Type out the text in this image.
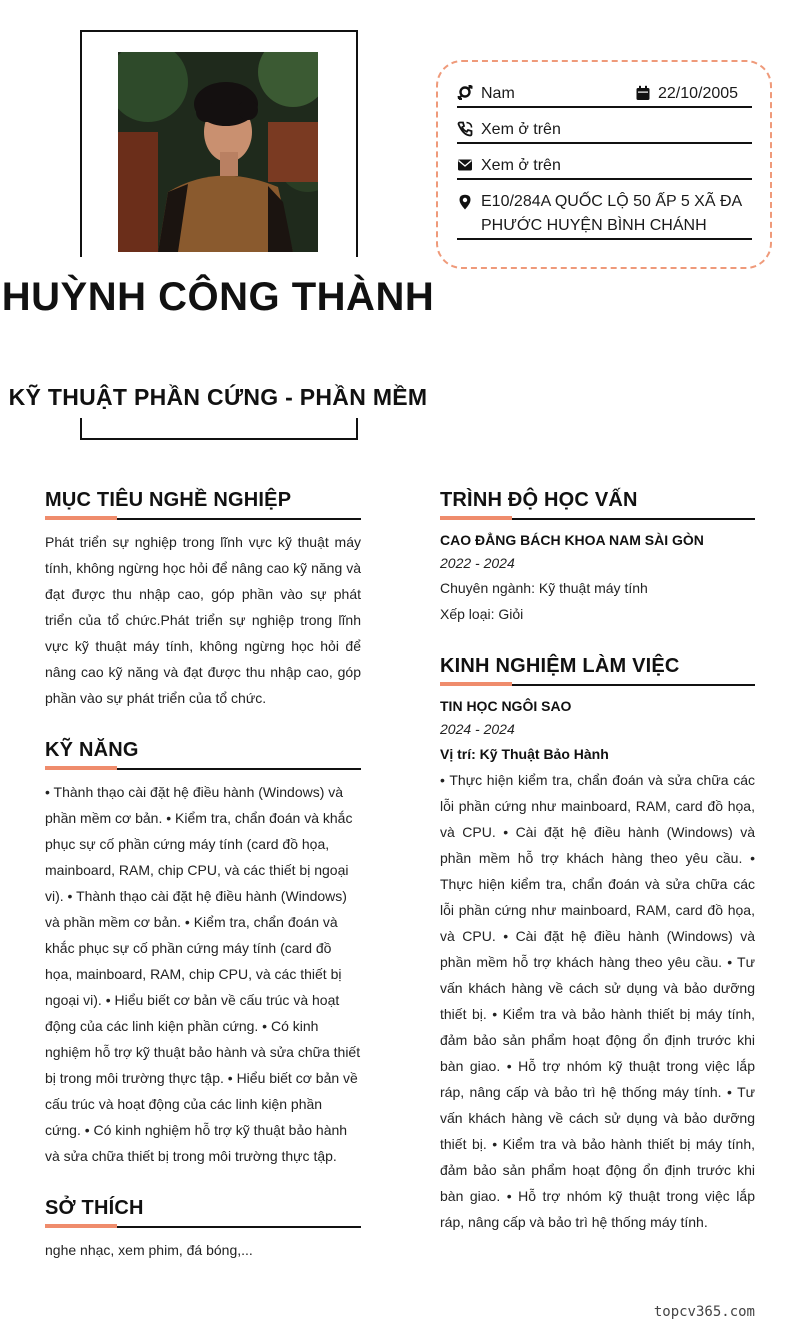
HUỲNH CÔNG THÀNH
KỸ THUẬT PHẦN CỨNG - PHẦN MỀM
Nam	22/10/2005
Xem ở trên
Xem ở trên
E10/284A QUỐC LỘ 50 ẤP 5 XÃ ĐA PHƯỚC HUYỆN BÌNH CHÁNH
MỤC TIÊU NGHỀ NGHIỆP
Phát triển sự nghiệp trong lĩnh vực kỹ thuật máy tính, không ngừng học hỏi để nâng cao kỹ năng và đạt được thu nhập cao, góp phần vào sự phát triển của tổ chức.Phát triển sự nghiệp trong lĩnh vực kỹ thuật máy tính, không ngừng học hỏi để nâng cao kỹ năng và đạt được thu nhập cao, góp phần vào sự phát triển của tổ chức.
KỸ NĂNG
• Thành thạo cài đặt hệ điều hành (Windows) và phần mềm cơ bản. • Kiểm tra, chẩn đoán và khắc phục sự cố phần cứng máy tính (card đồ họa, mainboard, RAM, chip CPU, và các thiết bị ngoại vi). • Thành thạo cài đặt hệ điều hành (Windows) và phần mềm cơ bản. • Kiểm tra, chẩn đoán và khắc phục sự cố phần cứng máy tính (card đồ họa, mainboard, RAM, chip CPU, và các thiết bị ngoại vi). • Hiểu biết cơ bản về cấu trúc và hoạt động của các linh kiện phần cứng. • Có kinh nghiệm hỗ trợ kỹ thuật bảo hành và sửa chữa thiết bị trong môi trường thực tập. • Hiểu biết cơ bản về cấu trúc và hoạt động của các linh kiện phần cứng. • Có kinh nghiệm hỗ trợ kỹ thuật bảo hành và sửa chữa thiết bị trong môi trường thực tập.
SỞ THÍCH
nghe nhạc, xem phim, đá bóng,...
TRÌNH ĐỘ HỌC VẤN
CAO ĐẲNG BÁCH KHOA NAM SÀI GÒN
2022 - 2024
Chuyên ngành: Kỹ thuật máy tính
Xếp loại: Giỏi
KINH NGHIỆM LÀM VIỆC
TIN HỌC NGÔI SAO
2024 - 2024
Vị trí: Kỹ Thuật Bảo Hành
• Thực hiện kiểm tra, chẩn đoán và sửa chữa các lỗi phần cứng như mainboard, RAM, card đồ họa, và CPU. • Cài đặt hệ điều hành (Windows) và phần mềm hỗ trợ khách hàng theo yêu cầu. • Thực hiện kiểm tra, chẩn đoán và sửa chữa các lỗi phần cứng như mainboard, RAM, card đồ họa, và CPU. • Cài đặt hệ điều hành (Windows) và phần mềm hỗ trợ khách hàng theo yêu cầu. • Tư vấn khách hàng về cách sử dụng và bảo dưỡng thiết bị. • Kiểm tra và bảo hành thiết bị máy tính, đảm bảo sản phẩm hoạt động ổn định trước khi bàn giao. • Hỗ trợ nhóm kỹ thuật trong việc lắp ráp, nâng cấp và bảo trì hệ thống máy tính. • Tư vấn khách hàng về cách sử dụng và bảo dưỡng thiết bị. • Kiểm tra và bảo hành thiết bị máy tính, đảm bảo sản phẩm hoạt động ổn định trước khi bàn giao. • Hỗ trợ nhóm kỹ thuật trong việc lắp ráp, nâng cấp và bảo trì hệ thống máy tính.
topcv365.com
